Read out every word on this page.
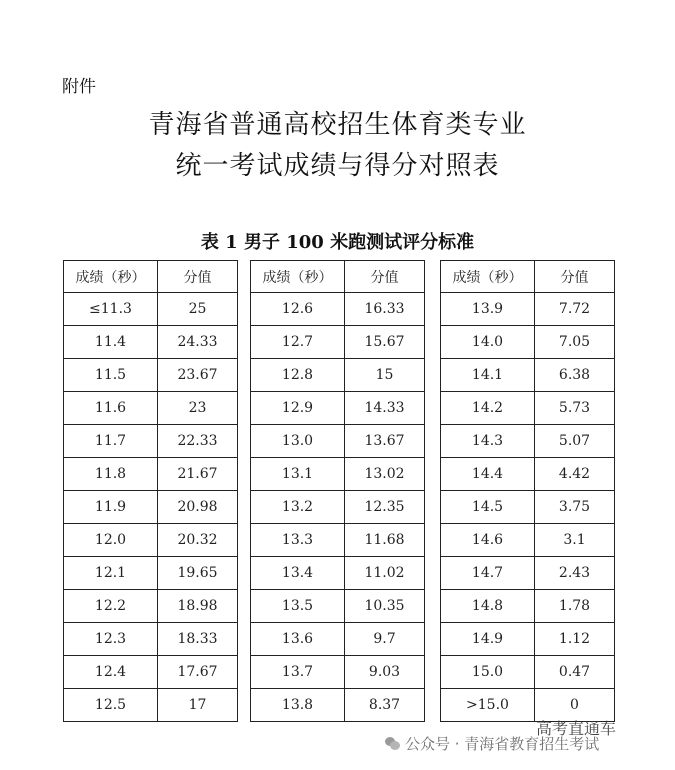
附件
青海省普通高校招生体育类专业
统一考试成绩与得分对照表
表 1 男子 100 米跑测试评分标准
成绩（秒）	分值
≤11.3	25
11.4	24.33
11.5	23.67
11.6	23
11.7	22.33
11.8	21.67
11.9	20.98
12.0	20.32
12.1	19.65
12.2	18.98
12.3	18.33
12.4	17.67
12.5	17
成绩（秒）	分值
12.6	16.33
12.7	15.67
12.8	15
12.9	14.33
13.0	13.67
13.1	13.02
13.2	12.35
13.3	11.68
13.4	11.02
13.5	10.35
13.6	9.7
13.7	9.03
13.8	8.37
成绩（秒）	分值
13.9	7.72
14.0	7.05
14.1	6.38
14.2	5.73
14.3	5.07
14.4	4.42
14.5	3.75
14.6	3.1
14.7	2.43
14.8	1.78
14.9	1.12
15.0	0.47
>15.0	0
高考直通车
公众号 · 青海省教育招生考试
